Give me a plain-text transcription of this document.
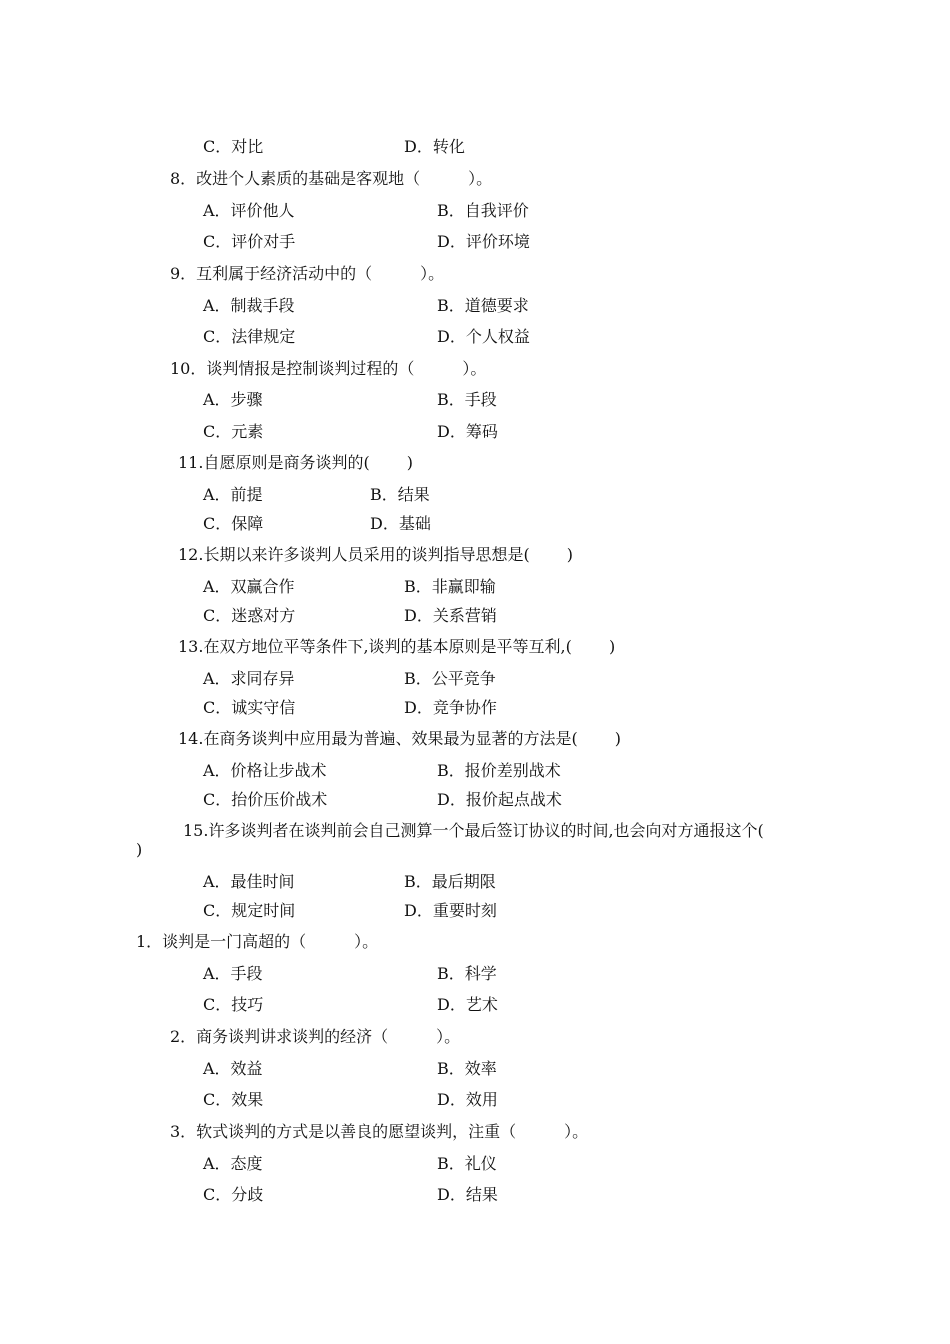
C．对比	D．转化
8．改进个人素质的基础是客观地（　　　）。
A．评价他人	B．自我评价
C．评价对手	D．评价环境
9．互利属于经济活动中的（　　　）。
A．制裁手段	B．道德要求
C．法律规定	D．个人权益
10．谈判情报是控制谈判过程的（　　　）。
A．步骤	B．手段
C．元素	D．筹码
11.自愿原则是商务谈判的(　　 )
A．前提	B．结果
C．保障	D．基础
12.长期以来许多谈判人员采用的谈判指导思想是(　　 )
A．双赢合作	B．非赢即输
C．迷惑对方	D．关系营销
13.在双方地位平等条件下,谈判的基本原则是平等互利,(　　 )
A．求同存异	B．公平竞争
C．诚实守信	D．竞争协作
14.在商务谈判中应用最为普遍、效果最为显著的方法是(　　 )
A．价格让步战术	B．报价差别战术
C．抬价压价战术	D．报价起点战术
15.许多谈判者在谈判前会自己测算一个最后签订协议的时间,也会向对方通报这个(
)
A．最佳时间	B．最后期限
C．规定时间	D．重要时刻
1．谈判是一门高超的（　　　）。
A．手段	B．科学
C．技巧	D．艺术
2．商务谈判讲求谈判的经济（　　　）。
A．效益	B．效率
C．效果	D．效用
3．软式谈判的方式是以善良的愿望谈判，注重（　　　）。
A．态度	B．礼仪
C．分歧	D．结果
